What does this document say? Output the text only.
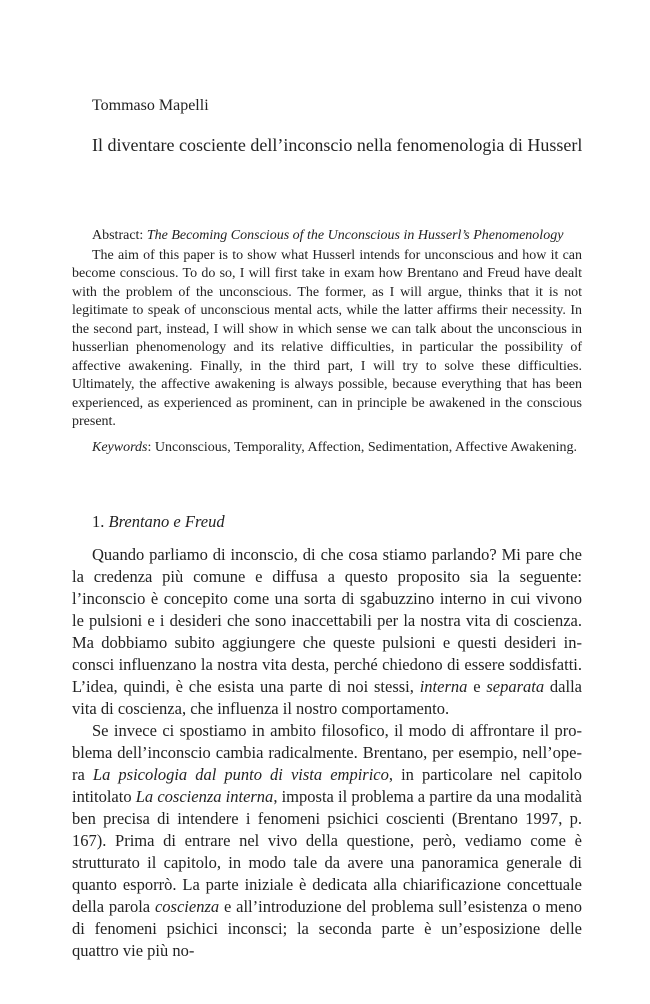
Tommaso Mapelli
Il diventare cosciente dell’inconscio nella fenomenologia di Husserl

Abstract: The Becoming Conscious of the Unconscious in Husserl’s Phenomenology

The aim of this paper is to show what Husserl intends for unconscious and how it can become conscious. To do so, I will first take in exam how Brentano and Freud have dealt with the problem of the unconscious. The former, as I will argue, thinks that it is not legitimate to speak of unconscious mental acts, while the latter affirms their necessity. In the second part, instead, I will show in which sense we can talk about the unconscious in husserlian phenomenology and its relative difficulties, in particular the possibility of affective awakening. Finally, in the third part, I will try to solve these difficulties. Ultimately, the affective awakening is always possible, because everything that has been experienced, as experienced as prominent, can in principle be awakened in the conscious present.

Keywords: Unconscious, Temporality, Affection, Sedimentation, Affective Awakening.

1. Brentano e Freud

Quando parliamo di inconscio, di che cosa stiamo parlando? Mi pare che la credenza più comune e diffusa a questo proposito sia la seguente: l’inconscio è concepito come una sorta di sgabuzzino interno in cui vivono le pulsioni e i desideri che sono inaccettabili per la nostra vita di coscienza. Ma dobbiamo subito aggiungere che queste pulsioni e questi desideri inconsci influenzano la nostra vita desta, perché chiedono di essere soddisfatti. L’idea, quindi, è che esista una parte di noi stessi, interna e separata dalla vita di coscienza, che influenza il nostro comportamento.

Se invece ci spostiamo in ambito filosofico, il modo di affrontare il problema dell’inconscio cambia radicalmente. Brentano, per esempio, nell’opera La psicologia dal punto di vista empirico, in particolare nel capitolo intitolato La coscienza interna, imposta il problema a partire da una modalità ben precisa di intendere i fenomeni psichici coscienti (Brentano 1997, p. 167). Prima di entrare nel vivo della questione, però, vediamo come è strutturato il capitolo, in modo tale da avere una panoramica generale di quanto esporrò. La parte iniziale è dedicata alla chiarificazione concettuale della parola coscienza e all’introduzione del problema sull’esistenza o meno di fenomeni psichici inconsci; la seconda parte è un’esposizione delle quattro vie più no-
